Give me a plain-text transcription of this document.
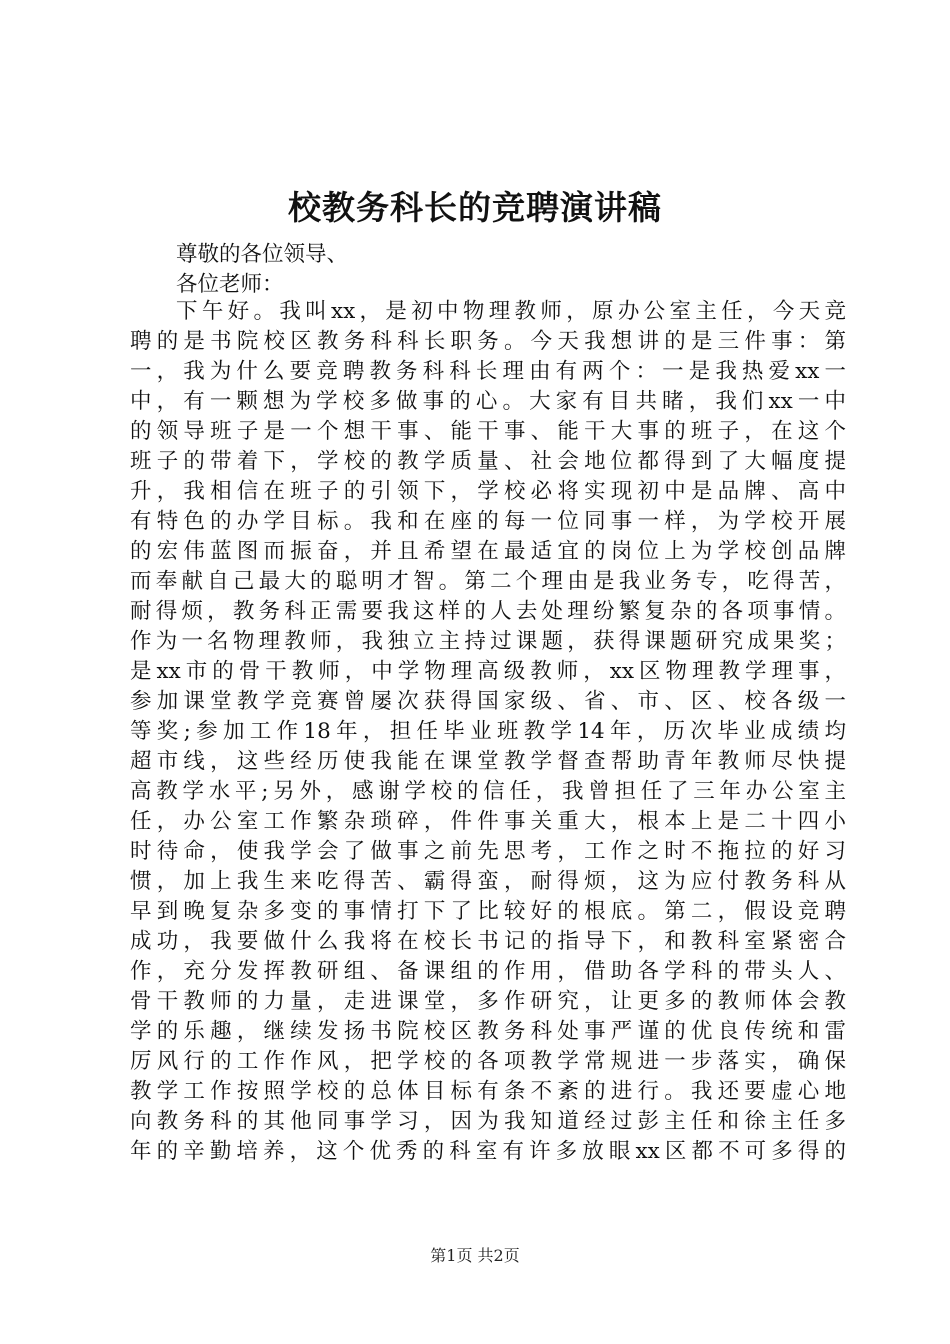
校教务科长的竞聘演讲稿
尊敬的各位领导、
各位老师：
下午好。我叫xx，是初中物理教师，原办公室主任，今天竞
聘的是书院校区教务科科长职务。今天我想讲的是三件事：第
一，我为什么要竞聘教务科科长理由有两个：一是我热爱xx一
中，有一颗想为学校多做事的心。大家有目共睹，我们xx一中
的领导班子是一个想干事、能干事、能干大事的班子，在这个
班子的带着下，学校的教学质量、社会地位都得到了大幅度提
升，我相信在班子的引领下，学校必将实现初中是品牌、高中
有特色的办学目标。我和在座的每一位同事一样，为学校开展
的宏伟蓝图而振奋，并且希望在最适宜的岗位上为学校创品牌
而奉献自己最大的聪明才智。第二个理由是我业务专，吃得苦，
耐得烦，教务科正需要我这样的人去处理纷繁复杂的各项事情。
作为一名物理教师，我独立主持过课题，获得课题研究成果奖；
是xx市的骨干教师，中学物理高级教师，xx区物理教学理事，
参加课堂教学竞赛曾屡次获得国家级、省、市、区、校各级一
等奖;参加工作18年，担任毕业班教学14年，历次毕业成绩均
超市线，这些经历使我能在课堂教学督查帮助青年教师尽快提
高教学水平;另外，感谢学校的信任，我曾担任了三年办公室主
任，办公室工作繁杂琐碎，件件事关重大，根本上是二十四小
时待命，使我学会了做事之前先思考，工作之时不拖拉的好习
惯，加上我生来吃得苦、霸得蛮，耐得烦，这为应付教务科从
早到晚复杂多变的事情打下了比较好的根底。第二，假设竞聘
成功，我要做什么我将在校长书记的指导下，和教科室紧密合
作，充分发挥教研组、备课组的作用，借助各学科的带头人、
骨干教师的力量，走进课堂，多作研究，让更多的教师体会教
学的乐趣，继续发扬书院校区教务科处事严谨的优良传统和雷
厉风行的工作作风，把学校的各项教学常规进一步落实，确保
教学工作按照学校的总体目标有条不紊的进行。我还要虚心地
向教务科的其他同事学习，因为我知道经过彭主任和徐主任多
年的辛勤培养，这个优秀的科室有许多放眼xx区都不可多得的
第1页 共2页
